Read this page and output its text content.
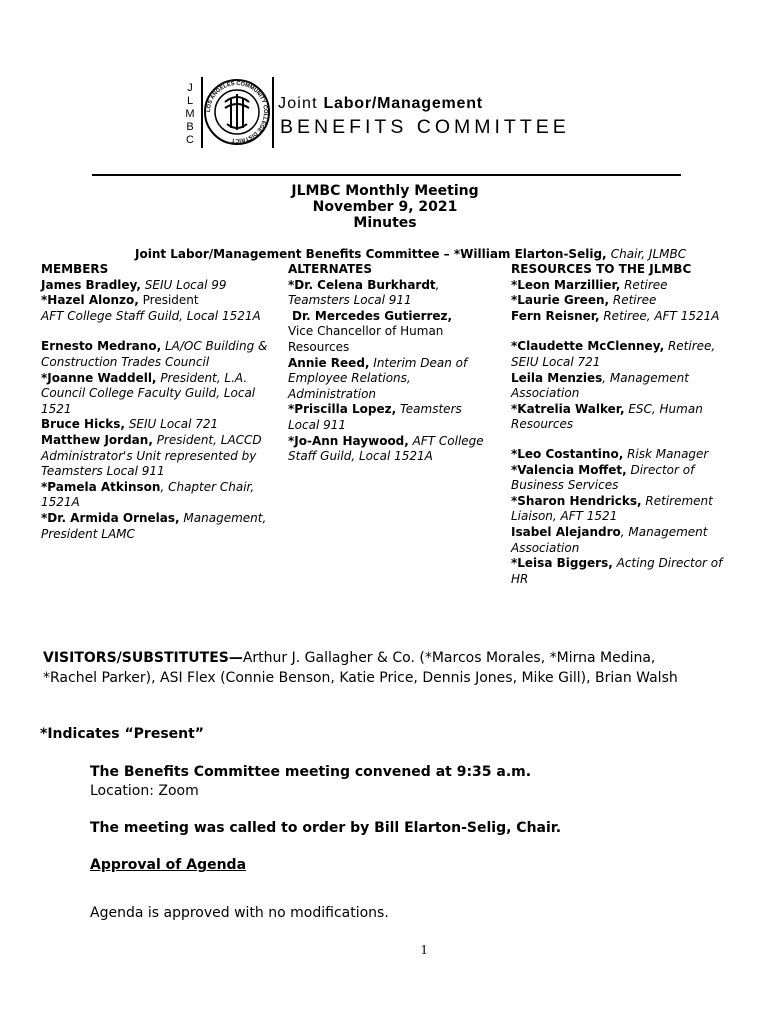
J
L
M
B
C
LOS ANGELES COMMUNITY COLLEGE DISTRICT
Joint Labor/Management
BENEFITS COMMITTEE
JLMBC Monthly Meeting
November 9, 2021
Minutes
Joint Labor/Management Benefits Committee – *William Elarton-Selig, Chair, JLMBC
MEMBERS
James Bradley, SEIU Local 99
*Hazel Alonzo, President
AFT College Staff Guild, Local 1521A
Ernesto Medrano, LA/OC Building & Construction Trades Council
*Joanne Waddell, President, L.A. Council College Faculty Guild, Local 1521
Bruce Hicks, SEIU Local 721
Matthew Jordan, President, LACCD Administrator's Unit represented by Teamsters Local 911
*Pamela Atkinson, Chapter Chair, 1521A
*Dr. Armida Ornelas, Management, President LAMC
ALTERNATES
*Dr. Celena Burkhardt, Teamsters Local 911
Dr. Mercedes Gutierrez,
Vice Chancellor of Human Resources
Annie Reed, Interim Dean of Employee Relations, Administration
*Priscilla Lopez, Teamsters Local 911
*Jo-Ann Haywood, AFT College Staff Guild, Local 1521A
RESOURCES TO THE JLMBC
*Leon Marzillier, Retiree
*Laurie Green, Retiree
Fern Reisner, Retiree, AFT 1521A
*Claudette McClenney, Retiree, SEIU Local 721
Leila Menzies, Management Association
*Katrelia Walker, ESC, Human Resources
*Leo Costantino, Risk Manager
*Valencia Moffet, Director of Business Services
*Sharon Hendricks, Retirement Liaison, AFT 1521
Isabel Alejandro, Management Association
*Leisa Biggers, Acting Director of HR
VISITORS/SUBSTITUTES—Arthur J. Gallagher & Co. (*Marcos Morales, *Mirna Medina, *Rachel Parker), ASI Flex (Connie Benson, Katie Price, Dennis Jones, Mike Gill), Brian Walsh
*Indicates “Present”
The Benefits Committee meeting convened at 9:35 a.m.
Location: Zoom
The meeting was called to order by Bill Elarton-Selig, Chair.
Approval of Agenda
Agenda is approved with no modifications.
1
